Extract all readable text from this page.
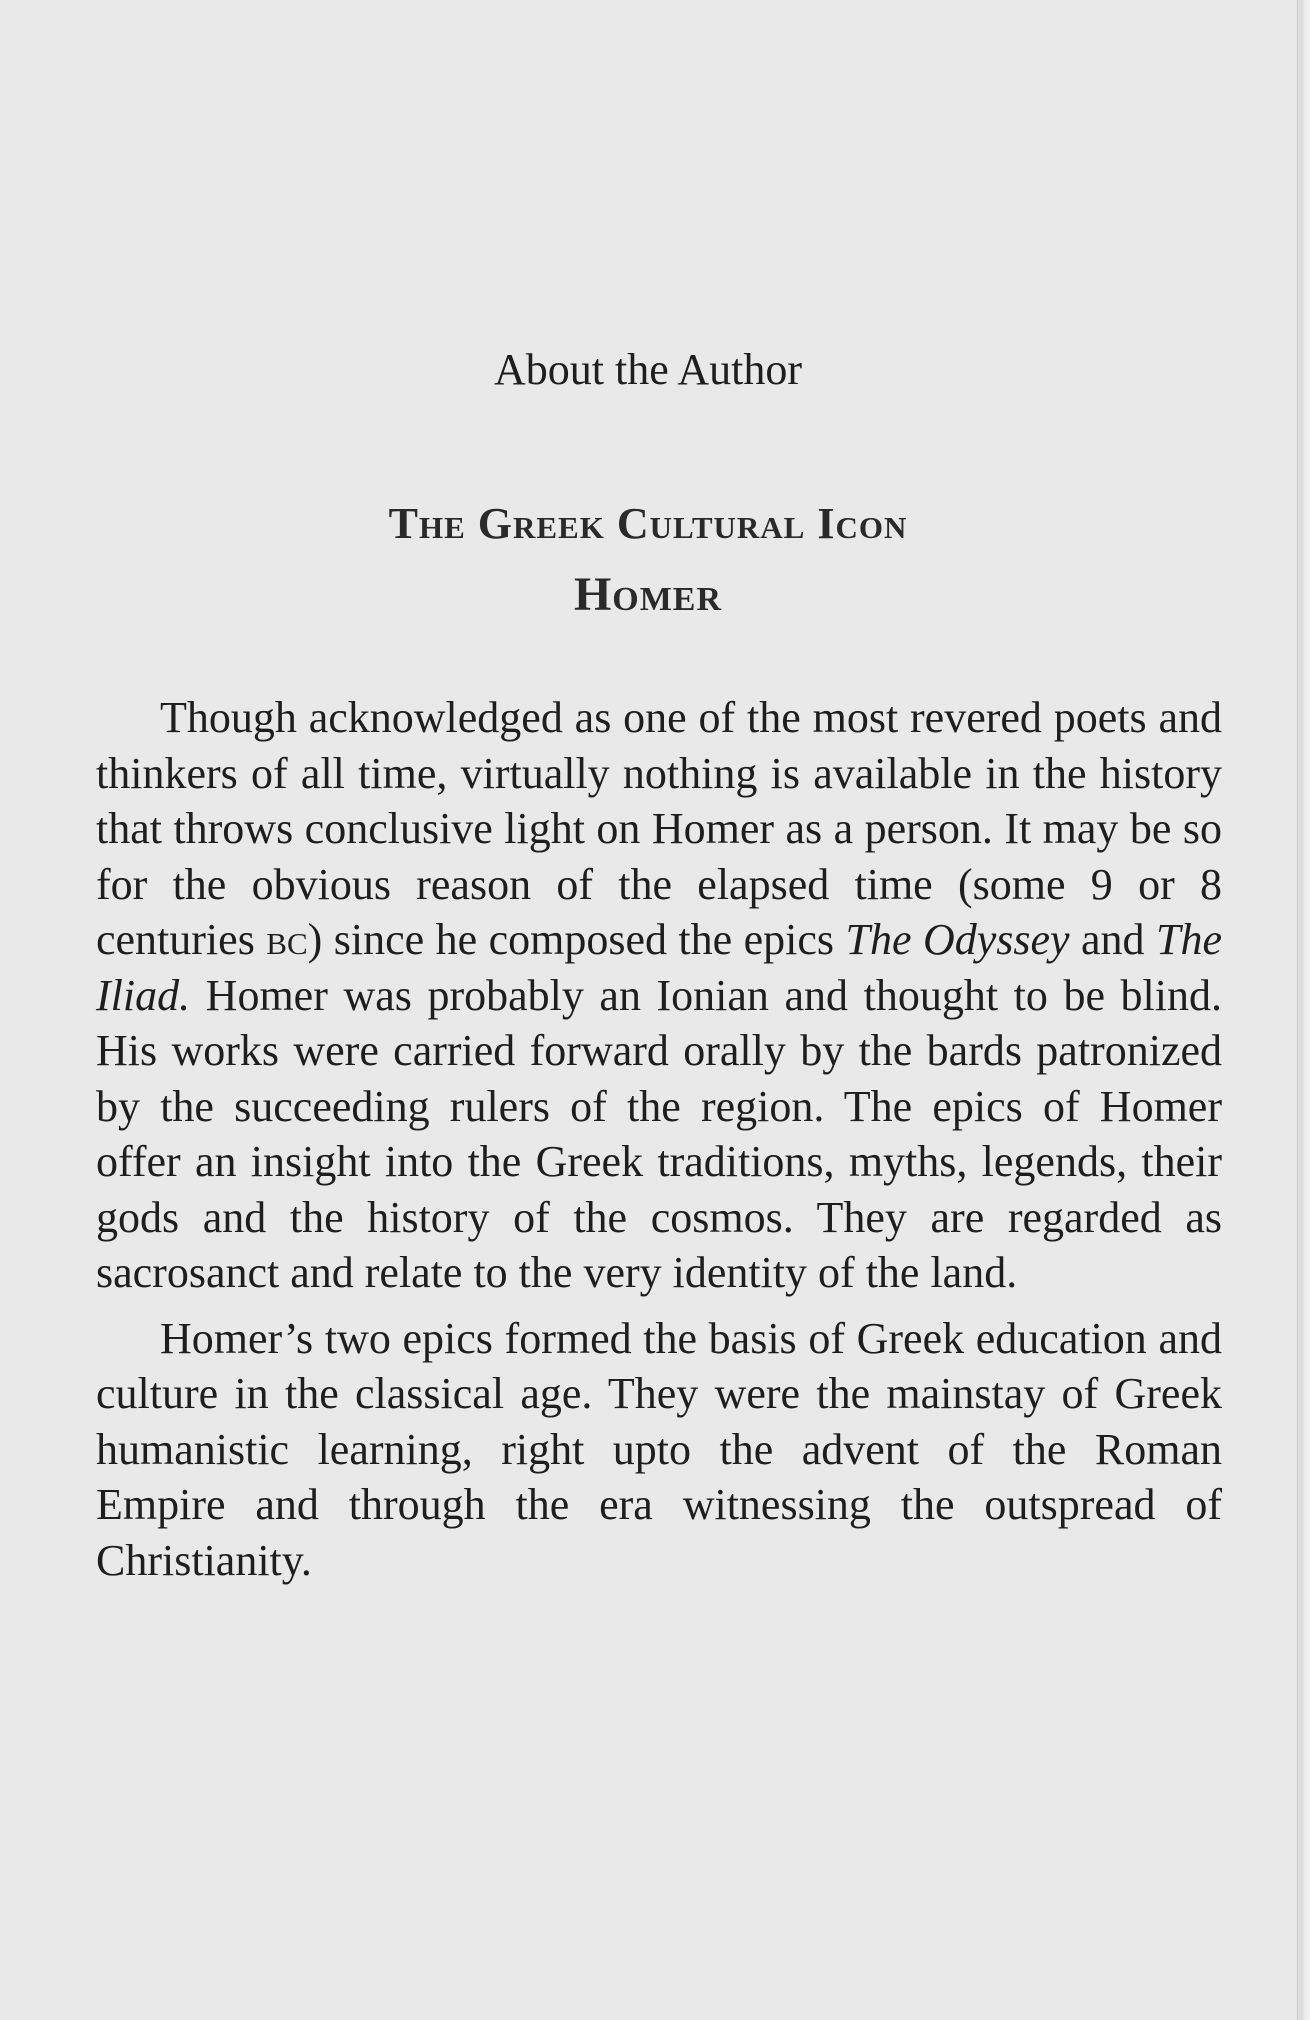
About the Author
The Greek Cultural Icon
Homer

Though acknowledged as one of the most revered poets and thinkers of all time, virtually nothing is available in the history that throws conclusive light on Homer as a person. It may be so for the obvious reason of the elapsed time (some 9 or 8 centuries bc) since he composed the epics The Odyssey and The Iliad. Homer was probably an Ionian and thought to be blind. His works were carried forward orally by the bards patronized by the succeeding rulers of the region. The epics of Homer offer an insight into the Greek traditions, myths, legends, their gods and the history of the cosmos. They are regarded as sacrosanct and relate to the very identity of the land.

Homer’s two epics formed the basis of Greek education and culture in the classical age. They were the mainstay of Greek humanistic learning, right upto the advent of the Roman Empire and through the era witnessing the outspread of Christianity.
